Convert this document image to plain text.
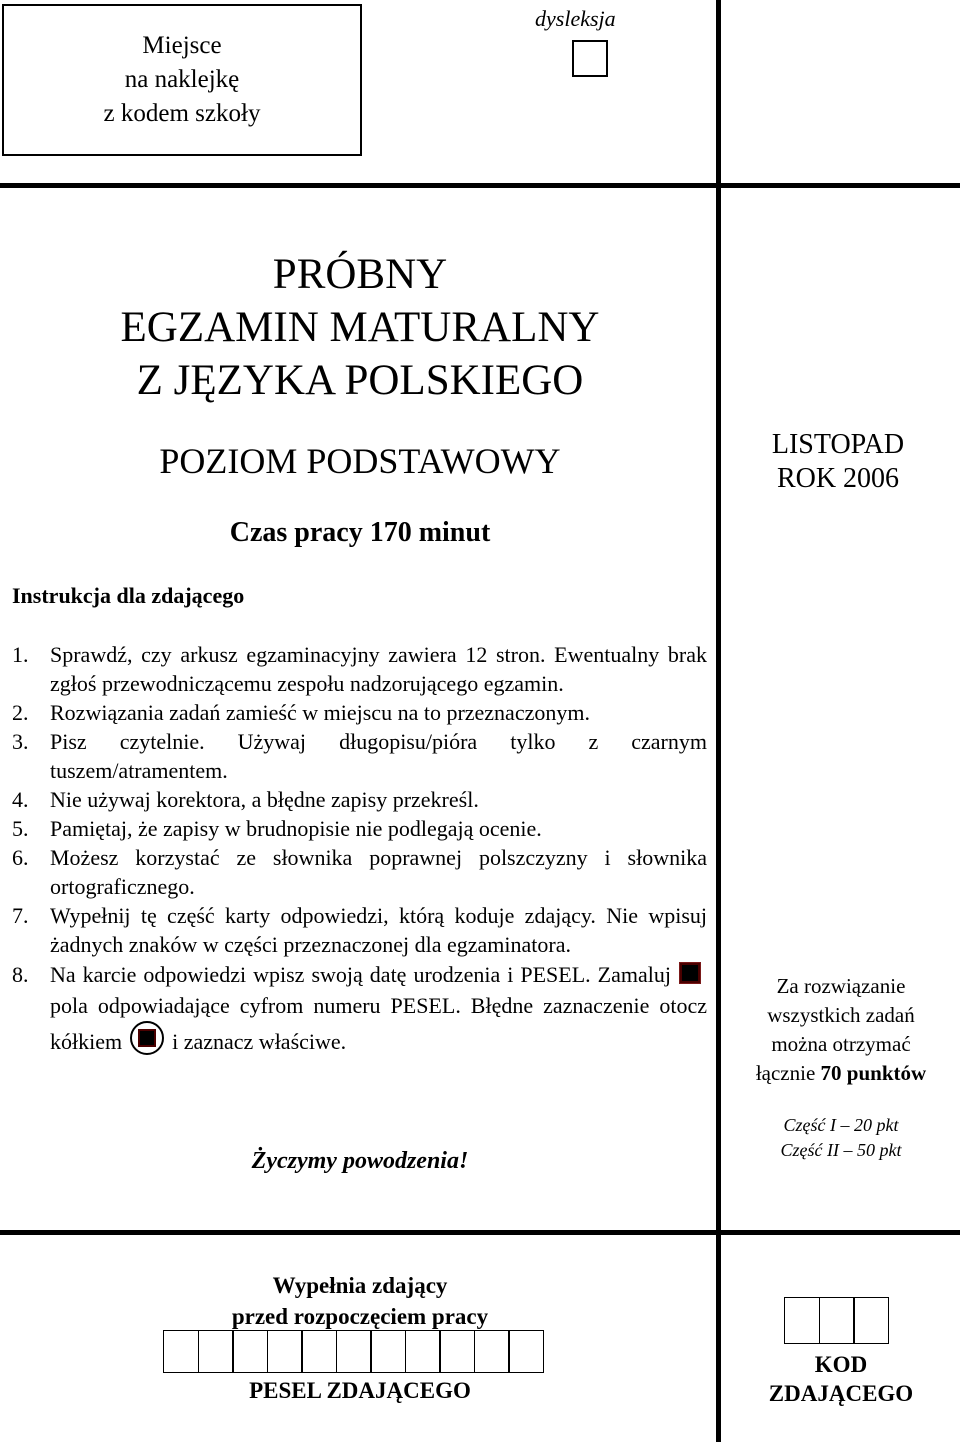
Miejsce
na naklejkę
z kodem szkoły
dysleksja
PRÓBNY
EGZAMIN MATURALNY
Z JĘZYKA POLSKIEGO
POZIOM PODSTAWOWY
Czas pracy 170 minut
LISTOPAD
ROK 2006
Instrukcja dla zdającego
1. Sprawdź, czy arkusz egzaminacyjny zawiera 12 stron. Ewentualny brak zgłoś przewodniczącemu zespołu nadzorującego egzamin.
2. Rozwiązania zadań zamieść w miejscu na to przeznaczonym.
3. Pisz czytelnie. Używaj długopisu/pióra tylko z czarnym tuszem/atramentem.
4. Nie używaj korektora, a błędne zapisy przekreśl.
5. Pamiętaj, że zapisy w brudnopisie nie podlegają ocenie.
6. Możesz korzystać ze słownika poprawnej polszczyzny i słownika ortograficznego.
7. Wypełnij tę część karty odpowiedzi, którą koduje zdający. Nie wpisuj żadnych znaków w części przeznaczonej dla egzaminatora.
8. Na karcie odpowiedzi wpisz swoją datę urodzenia i PESEL. Zamalujpola odpowiadające cyfrom numeru PESEL. Błędne zaznaczenie otocz kółkiem i zaznacz właściwe.
Życzymy powodzenia!
Za rozwiązanie
wszystkich zadań
można otrzymać
łącznie 70 punktów
Część I – 20 pkt
Część II – 50 pkt
Wypełnia zdający
przed rozpoczęciem pracy
PESEL ZDAJĄCEGO
KOD
ZDAJĄCEGO
